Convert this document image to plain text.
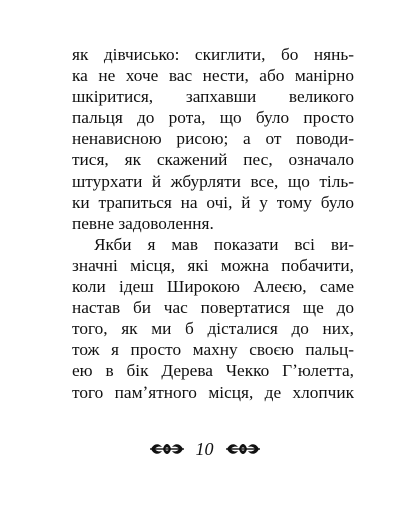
як дівчисько: скиглити, бо нянь-
ка не хоче вас нести, або манірно
шкіритися, запхавши великого
пальця до рота, що було просто
ненависною рисою; а от поводи-
тися, як скажений пес, означало
штурхати й жбурляти все, що тіль-
ки трапиться на очі, й у тому було
певне задоволення.
Якби я мав показати всі ви-
значні місця, які можна побачити,
коли ідеш Широкою Алеєю, саме
настав би час повертатися ще до
того, як ми б дісталися до них,
тож я просто махну своєю пальц-
ею в бік Дерева Чекко Гʼюлетта,
того памʼятного місця, де хлопчик
10
